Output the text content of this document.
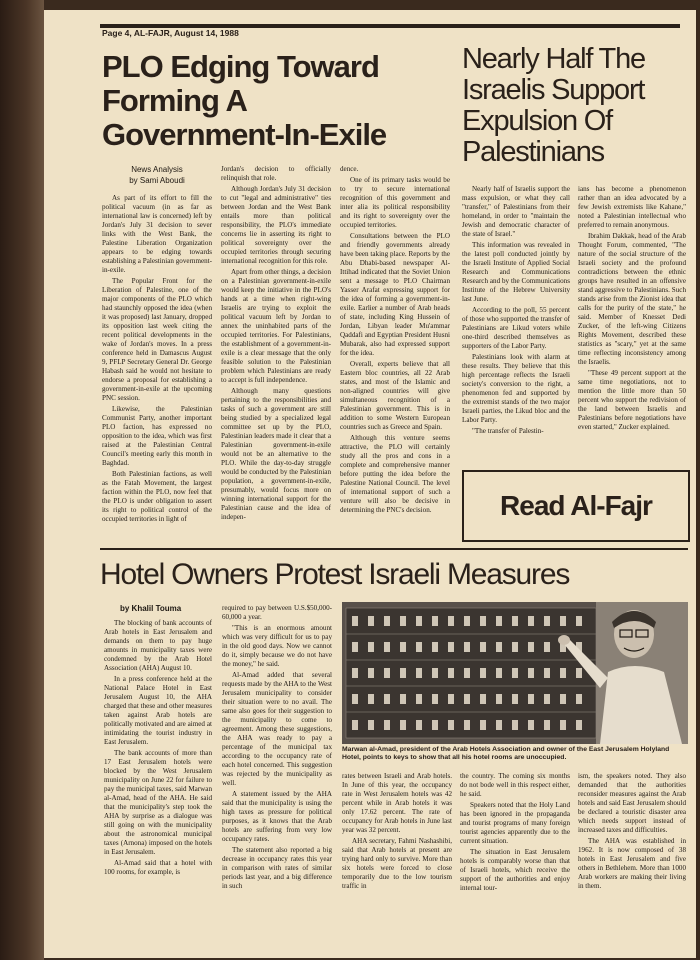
Page 4, AL-FAJR, August 14, 1988
PLO Edging Toward Forming A Government-In-Exile
News Analysis
by Sami Aboudi

As part of its effort to fill the political vacuum (in as far as international law is concerned) left by Jordan's July 31 decision to sever links with the West Bank, the Palestine Liberation Organization appears to be edging towards establishing a Palestinian government-in-exile.

The Popular Front for the Liberation of Palestine, one of the major components of the PLO which had staunchly opposed the idea (when it was proposed) last January, dropped its opposition last week citing the recent political developments in the wake of Jordan's moves. In a press conference held in Damascus August 9, PFLP Secretary General Dr. George Habash said he would not hesitate to endorse a proposal for establishing a government-in-exile at the upcoming PNC session.

Likewise, the Palestinian Communist Party, another important PLO faction, has expressed no opposition to the idea, which was first raised at the Palestinian Central Council's meeting early this month in Baghdad.

Both Palestinian factions, as well as the Fatah Movement, the largest faction within the PLO, now feel that the PLO is under obligation to assert its right to political control of the occupied territories in light of

Jordan's decision to officially relinquish that role.

Although Jordan's July 31 decision to cut "legal and administrative" ties between Jordan and the West Bank entails more than political responsibility, the PLO's immediate concerns lie in asserting its right to political sovereignty over the occupied territories through securing international recognition for this role.

Apart from other things, a decision on a Palestinian government-in-exile would keep the initiative in the PLO's hands at a time when right-wing Israelis are trying to exploit the political vacuum left by Jordan to annex the uninhabited parts of the occupied territories. For Palestinians, the establishment of a government-in-exile is a clear message that the only feasible solution to the Palestinian problem which Palestinians are ready to accept is full independence.

Although many questions pertaining to the responsibilities and tasks of such a government are still being studied by a specialized legal committee set up by the PLO, Palestinian leaders made it clear that a Palestinian government-in-exile would not be an alternative to the PLO. While the day-to-day struggle would be conducted by the Palestinian population, a government-in-exile, presumably, would focus more on winning international support for the Palestinian cause and the idea of indepen-

dence.

One of its primary tasks would be to try to secure international recognition of this government and inter alia its political responsibility and its right to sovereignty over the occupied territories.

Consultations between the PLO and friendly governments already have been taking place. Reports by the Abu Dhabi-based newspaper Al-Ittihad indicated that the Soviet Union sent a message to PLO Chairman Yasser Arafat expressing support for the idea of forming a government-in-exile. Earlier a number of Arab heads of state, including King Hussein of Jordan, Libyan leader Mu'ammar Qaddafi and Egyptian President Husni Mubarak, also had expressed support for the idea.

Overall, experts believe that all Eastern bloc countries, all 22 Arab states, and most of the Islamic and non-aligned countries will give simultaneous recognition of a Palestinian government. This is in addition to some Western European countries such as Greece and Spain.

Although this venture seems attractive, the PLO will certainly study all the pros and cons in a complete and comprehensive manner before putting the idea before the Palestine National Council. The level of international support of such a venture will also be decisive in determining the PNC's decision.

Nearly Half The Israelis Support Expulsion Of Palestinians

Nearly half of Israelis support the mass expulsion, or what they call "transfer," of Palestinians from their homeland, in order to "maintain the Jewish and democratic character of the state of Israel."

This information was revealed in the latest poll conducted jointly by the Israeli Institute of Applied Social Research and Communications Research and by the Communications Institute of the Hebrew University last June.

According to the poll, 55 percent of those who supported the transfer of Palestinians are Likud voters while one-third described themselves as supporters of the Labor Party.

Palestinians look with alarm at these results. They believe that this high percentage reflects the Israeli society's conversion to the right, a phenomenon fed and supported by the extremist stands of the two major Israeli parties, the Likud bloc and the Labor Party.

"The transfer of Palestin-

ians has become a phenomenon rather than an idea advocated by a few Jewish extremists like Kahane," noted a Palestinian intellectual who preferred to remain anonymous.

Ibrahim Dakkak, head of the Arab Thought Forum, commented, "The nature of the social structure of the Israeli society and the profound contradictions between the ethnic groups have resulted in an offensive stand aggressive to Palestinians. Such stands arise from the Zionist idea that calls for the purity of the state," he said. Member of Knesset Dedi Zucker, of the left-wing Citizens Rights Movement, described these statistics as "scary," yet at the same time reflecting inconsistency among the Israelis.

"These 49 percent support at the same time negotiations, not to mention the little more than 50 percent who support the redivision of the land between Israelis and Palestinians before negotiations have even started," Zucker explained.

Read Al-Fajr
Hotel Owners Protest Israeli Measures
by Khalil Touma

The blocking of bank accounts of Arab hotels in East Jerusalem and demands on them to pay huge amounts in municipality taxes were condemned by the Arab Hotel Association (AHA) August 10.

In a press conference held at the National Palace Hotel in East Jerusalem August 10, the AHA charged that these and other measures taken against Arab hotels are politically motivated and are aimed at intimidating the tourist industry in East Jerusalem.

The bank accounts of more than 17 East Jerusalem hotels were blocked by the West Jerusalem municipality on June 22 for failure to pay the municipal taxes, said Marwan al-Amad, head of the AHA. He said that the municipality's step took the AHA by surprise as a dialogue was still going on with the municipality about the astronomical municipal taxes (Arnona) imposed on the hotels in East Jerusalem.

Al-Amad said that a hotel with 100 rooms, for example, is

required to pay between U.S.$50,000-60,000 a year.

"This is an enormous amount which was very difficult for us to pay in the old good days. Now we cannot do it, simply because we do not have the money," he said.

Al-Amad added that several requests made by the AHA to the West Jerusalem municipality to consider their situation were to no avail. The same also goes for their suggestion to the municipality to come to agreement. Among these suggestions, the AHA was ready to pay a percentage of the municipal tax according to the occupancy rate of each hotel concerned. This suggestion was rejected by the municipality as well.

A statement issued by the AHA said that the municipality is using the high taxes as pressure for political purposes, as it knows that the Arab hotels are suffering from very low occupancy rates.

The statement also reported a big decrease in occupancy rates this year in comparison with rates of similar periods last year, and a big difference in such

Marwan al-Amad, president of the Arab Hotels Association and owner of the East Jerusalem Holyland Hotel, points to keys to show that all his hotel rooms are unoccupied.

rates between Israeli and Arab hotels. In June of this year, the occupancy rate in West Jerusalem hotels was 42 percent while in Arab hotels it was only 17.62 percent. The rate of occupancy for Arab hotels in June last year was 32 percent.

AHA secretary, Fahmi Nashashibi, said that Arab hotels at present are trying hard only to survive. More than six hotels were forced to close temporarily due to the low tourism traffic in

the country. The coming six months do not bode well in this respect either, he said.

Speakers noted that the Holy Land has been ignored in the propaganda and tourist programs of many foreign tourist agencies apparently due to the current situation.

The situation in East Jerusalem hotels is comparably worse than that of Israeli hotels, which receive the support of the authorities and enjoy internal tour-

ism, the speakers noted. They also demanded that the authorities reconsider measures against the Arab hotels and said East Jerusalem should be declared a touristic disaster area which needs support instead of increased taxes and difficulties.

The AHA was established in 1962. It is now composed of 38 hotels in East Jerusalem and five others in Bethlehem. More than 1000 Arab workers are making their living in them.
